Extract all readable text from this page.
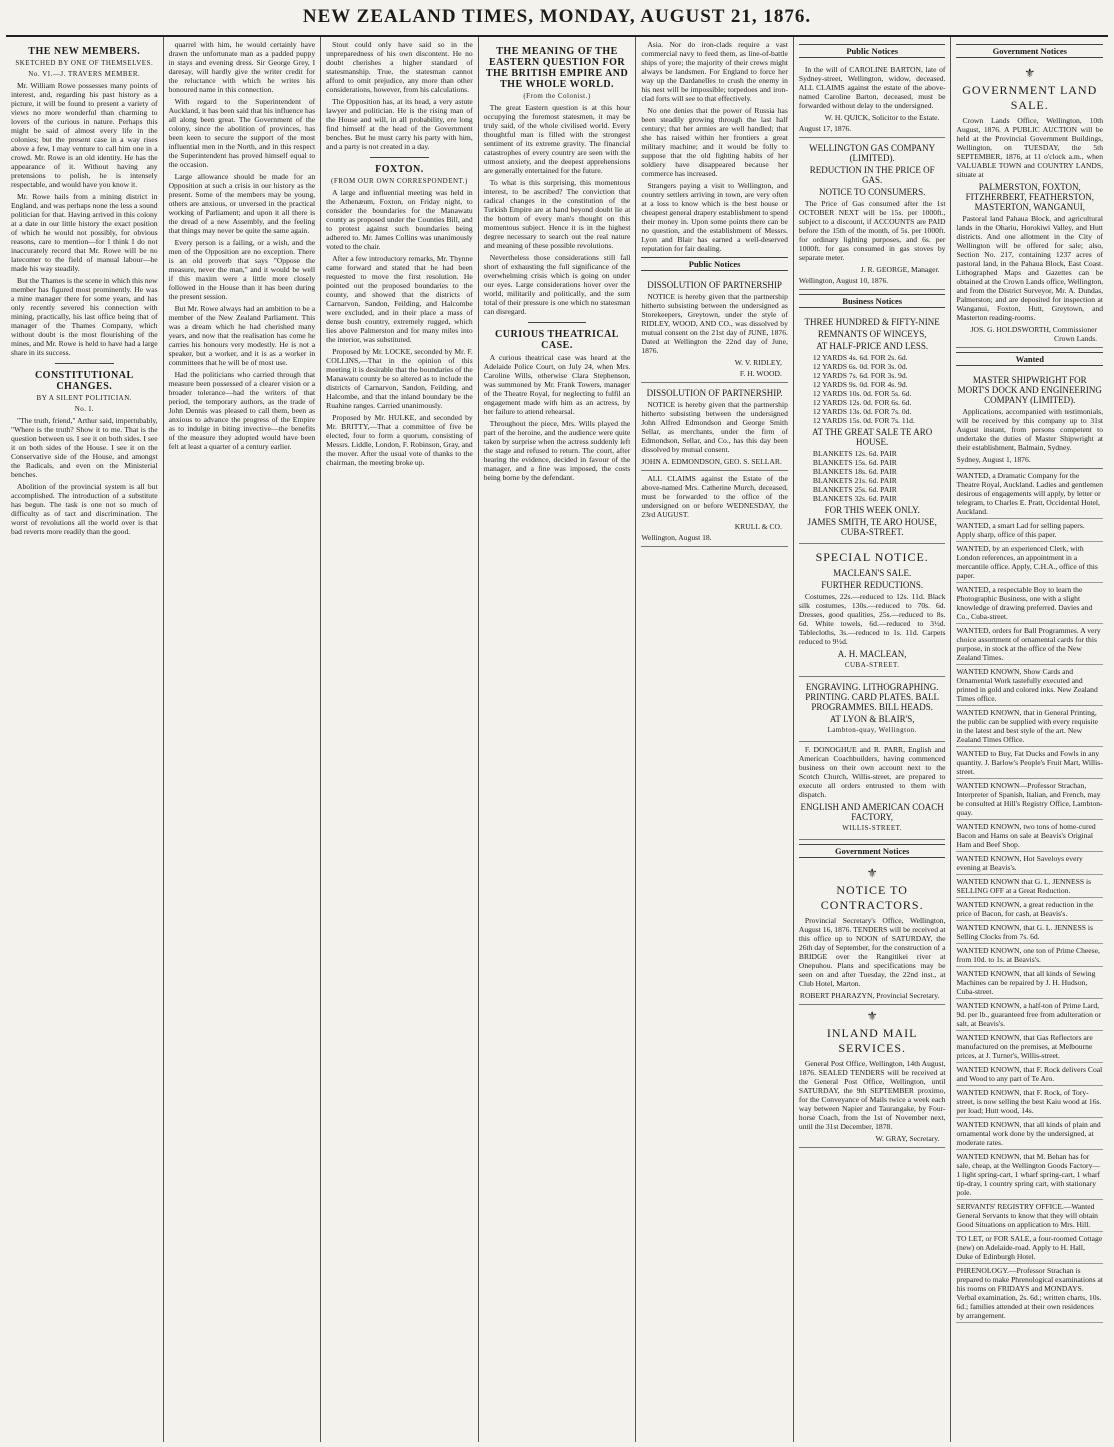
NEW ZEALAND TIMES, MONDAY, AUGUST 21, 1876.
THE NEW MEMBERS.
SKETCHED BY ONE OF THEMSELVES.
No. VI.—J. TRAVERS MEMBER.

Mr. William Rowe possesses many points of interest, and, regarding his past history as a picture, it will be found to present a variety of views no more wonderful than charming to lovers of the curious in nature. Perhaps this might be said of almost every life in the colonies; but the present case in a way rises above a few, I may venture to call him one in a crowd. Mr. Rowe is an old identity. He has the appearance of it. Without having any pretensions to polish, he is intensely respectable, and would have you know it.

Mr. Rowe hails from a mining district in England, and was perhaps none the less a sound politician for that. Having arrived in this colony at a date in our little history the exact position of which he would not possibly, for obvious reasons, care to mention—for I think I do not inaccurately record that Mr. Rowe will be no latecomer to the field of manual labour—he made his way steadily.

But the Thames is the scene in which this new member has figured most prominently. He was a mine manager there for some years, and has only recently severed his connection with mining, practically, his last office being that of manager of the Thames Company, which without doubt is the most flourishing of the mines, and Mr. Rowe is held to have had a large share in its success.

CONSTITUTIONAL CHANGES.
BY A SILENT POLITICIAN.
No. I.

"The truth, friend," Arthur said, impertubably, "Where is the truth? Show it to me. That is the question between us. I see it on both sides. I see it on both sides of the House. I see it on the Conservative side of the House, and amongst the Radicals, and even on the Ministerial benches.

Abolition of the provincial system is all but accomplished. The introduction of a substitute has begun. The task is one not so much of difficulty as of tact and discrimination. The worst of revolutions all the world over is that bad reverts more readily than the good.

quarrel with him, he would certainly have drawn the unfortunate man as a padded puppy in stays and evening dress. Sir George Grey, I daresay, will hardly give the writer credit for the reluctance with which he writes his honoured name in this connection.

With regard to the Superintendent of Auckland, it has been said that his influence has all along been great. The Government of the colony, since the abolition of provinces, has been keen to secure the support of the most influential men in the North, and in this respect the Superintendent has proved himself equal to the occasion.

Large allowance should be made for an Opposition at such a crisis in our history as the present. Some of the members may be young, others are anxious, or unversed in the practical working of Parliament; and upon it all there is the dread of a new Assembly, and the feeling that things may never be quite the same again.

Every person is a failing, or a wish, and the men of the Opposition are no exception. There is an old proverb that says "Oppose the measure, never the man," and it would be well if this maxim were a little more closely followed in the House than it has been during the present session.

But Mr. Rowe always had an ambition to be a member of the New Zealand Parliament. This was a dream which he had cherished many years, and now that the realisation has come he carries his honours very modestly. He is not a speaker, but a worker, and it is as a worker in committees that he will be of most use.

Had the politicians who carried through that measure been possessed of a clearer vision or a broader tolerance—had the writers of that period, the temporary authors, as the trade of John Dennis was pleased to call them, been as anxious to advance the progress of the Empire as to indulge in biting invective—the benefits of the measure they adopted would have been felt at least a quarter of a century earlier.

Stout could only have said so in the unpreparedness of his own discontent. He no doubt cherishes a higher standard of statesmanship. True, the statesman cannot afford to omit prejudice, any more than other considerations, however, from his calculations.

The Opposition has, at its head, a very astute lawyer and politician. He is the rising man of the House and will, in all probability, ere long find himself at the head of the Government benches. But he must carry his party with him, and a party is not created in a day.

FOXTON.
(FROM OUR OWN CORRESPONDENT.)

A large and influential meeting was held in the Athenæum, Foxton, on Friday night, to consider the boundaries for the Manawatu county as proposed under the Counties Bill, and to protest against such boundaries being adhered to. Mr. James Collins was unanimously voted to the chair.

After a few introductory remarks, Mr. Thynne came forward and stated that he had been requested to move the first resolution. He pointed out the proposed boundaries to the county, and showed that the districts of Carnarvon, Sandon, Feilding, and Halcombe were excluded, and in their place a mass of dense bush country, extremely rugged, which lies above Palmerston and for many miles into the interior, was substituted.

Proposed by Mr. LOCKE, seconded by Mr. F. COLLINS,—That in the opinion of this meeting it is desirable that the boundaries of the Manawatu county be so altered as to include the districts of Carnarvon, Sandon, Feilding, and Halcombe, and that the inland boundary be the Ruahine ranges. Carried unanimously.

Proposed by Mr. HULKE, and seconded by Mr. BRITTY,—That a committee of five be elected, four to form a quorum, consisting of Messrs. Liddle, London, F. Robinson, Gray, and the mover. After the usual vote of thanks to the chairman, the meeting broke up.

THE MEANING OF THE EASTERN QUESTION FOR THE BRITISH EMPIRE AND THE WHOLE WORLD.
(From the Colonist.)

The great Eastern question is at this hour occupying the foremost statesmen, it may be truly said, of the whole civilised world. Every thoughtful man is filled with the strongest sentiment of its extreme gravity. The financial catastrophes of every country are seen with the utmost anxiety, and the deepest apprehensions are generally entertained for the future.

To what is this surprising, this momentous interest, to be ascribed? The conviction that radical changes in the constitution of the Turkish Empire are at hand beyond doubt lie at the bottom of every man's thought on this momentous subject. Hence it is in the highest degree necessary to search out the real nature and meaning of these possible revolutions.

Nevertheless those considerations still fall short of exhausting the full significance of the overwhelming crisis which is going on under our eyes. Large considerations hover over the world, militarily and politically, and the sum total of their pressure is one which no statesman can disregard.

CURIOUS THEATRICAL CASE.

A curious theatrical case was heard at the Adelaide Police Court, on July 24, when Mrs. Caroline Wills, otherwise Clara Stephenson, was summoned by Mr. Frank Towers, manager of the Theatre Royal, for neglecting to fulfil an engagement made with him as an actress, by her failure to attend rehearsal.

Throughout the piece, Mrs. Wills played the part of the heroine, and the audience were quite taken by surprise when the actress suddenly left the stage and refused to return. The court, after hearing the evidence, decided in favour of the manager, and a fine was imposed, the costs being borne by the defendant.

Asia. Nor do iron-clads require a vast commercial navy to feed them, as line-of-battle ships of yore; the majority of their crews might always be landsmen. For England to force her way up the Dardanelles to crush the enemy in his nest will be impossible; torpedoes and iron-clad forts will see to that effectively.

No one denies that the power of Russia has been steadily growing through the last half century; that her armies are well handled; that she has raised within her frontiers a great military machine; and it would be folly to suppose that the old fighting habits of her soldiery have disappeared because her commerce has increased.

Strangers paying a visit to Wellington, and country settlers arriving in town, are very often at a loss to know which is the best house or cheapest general drapery establishment to spend their money in. Upon some points there can be no question, and the establishment of Messrs. Lyon and Blair has earned a well-deserved reputation for fair dealing.

Public Notices
DISSOLUTION OF PARTNERSHIP

NOTICE is hereby given that the partnership hitherto subsisting between the undersigned as Storekeepers, Greytown, under the style of RIDLEY, WOOD, AND CO., was dissolved by mutual consent on the 21st day of JUNE, 1876. Dated at Wellington the 22nd day of June, 1876.

W. V. RIDLEY,
F. H. WOOD.
DISSOLUTION OF PARTNERSHIP.

NOTICE is hereby given that the partnership hitherto subsisting between the undersigned John Alfred Edmondson and George Smith Sellar, as merchants, under the firm of Edmondson, Sellar, and Co., has this day been dissolved by mutual consent.

JOHN A. EDMONDSON, GEO. S. SELLAR.

ALL CLAIMS against the Estate of the above-named Mrs. Catherine Murch, deceased, must be forwarded to the office of the undersigned on or before WEDNESDAY, the 23rd AUGUST.

KRULL & CO.
Wellington, August 18.
Public Notices

In the will of CAROLINE BARTON, late of Sydney-street, Wellington, widow, deceased. ALL CLAIMS against the estate of the above-named Caroline Barton, deceased, must be forwarded without delay to the undersigned.

W. H. QUICK, Solicitor to the Estate.
August 17, 1876.
WELLINGTON GAS COMPANY (LIMITED).
REDUCTION IN THE PRICE OF GAS.
NOTICE TO CONSUMERS.

The Price of Gas consumed after the 1st OCTOBER NEXT will be 15s. per 1000ft., subject to a discount, if ACCOUNTS are PAID before the 15th of the month, of 5s. per 1000ft. for ordinary lighting purposes, and 6s. per 1000ft. for gas consumed in gas stoves by separate meter.

J. R. GEORGE, Manager.
Wellington, August 10, 1876.
Business Notices
THREE HUNDRED & FIFTY-NINE
REMNANTS OF WINCEYS,
AT HALF-PRICE AND LESS.
12 YARDS 4s. 6d. FOR 2s. 6d.
12 YARDS 6s. 0d. FOR 3s. 0d.
12 YARDS 7s. 6d. FOR 3s. 9d.
12 YARDS 9s. 0d. FOR 4s. 9d.
12 YARDS 10s. 0d. FOR 5s. 6d.
12 YARDS 12s. 0d. FOR 6s. 6d.
12 YARDS 13s. 0d. FOR 7s. 0d.
12 YARDS 15s. 0d. FOR 7s. 11d.
AT THE GREAT SALE TE ARO HOUSE.
BLANKETS 12s. 6d. PAIR
BLANKETS 15s. 6d. PAIR
BLANKETS 18s. 6d. PAIR
BLANKETS 21s. 6d. PAIR
BLANKETS 25s. 6d. PAIR
BLANKETS 32s. 6d. PAIR
FOR THIS WEEK ONLY.
JAMES SMITH, TE ARO HOUSE, CUBA-STREET.
SPECIAL NOTICE.
MACLEAN'S SALE.
FURTHER REDUCTIONS.

Costumes, 22s.—reduced to 12s. 11d. Black silk costumes, 130s.—reduced to 70s. 6d. Dresses, good qualities, 25s.—reduced to 8s. 6d. White towels, 6d.—reduced to 3½d. Tablecloths, 3s.—reduced to 1s. 11d. Carpets reduced to 9½d.

A. H. MACLEAN,
CUBA-STREET.
ENGRAVING. LITHOGRAPHING. PRINTING. CARD PLATES. BALL PROGRAMMES. BILL HEADS.
AT LYON & BLAIR'S,
Lambton-quay, Wellington.

F. DONOGHUE and R. PARR, English and American Coachbuilders, having commenced business on their own account next to the Scotch Church, Willis-street, are prepared to execute all orders entrusted to them with dispatch.

ENGLISH AND AMERICAN COACH FACTORY,
WILLIS-STREET.
Government Notices
⚜
NOTICE TO CONTRACTORS.

Provincial Secretary's Office, Wellington, August 16, 1876. TENDERS will be received at this office up to NOON of SATURDAY, the 26th day of September, for the construction of a BRIDGE over the Rangitikei river at Onepuhou. Plans and specifications may be seen on and after Tuesday, the 22nd inst., at Club Hotel, Marton.

ROBERT PHARAZYN, Provincial Secretary.
⚜
INLAND MAIL SERVICES.

General Post Office, Wellington, 14th August, 1876. SEALED TENDERS will be received at the General Post Office, Wellington, until SATURDAY, the 9th SEPTEMBER proximo, for the Conveyance of Mails twice a week each way between Napier and Taurangake, by Four-horse Coach, from the 1st of November next, until the 31st December, 1878.

W. GRAY, Secretary.
Government Notices
⚜
GOVERNMENT LAND SALE.

Crown Lands Office, Wellington, 10th August, 1876. A PUBLIC AUCTION will be held at the Provincial Government Buildings, Wellington, on TUESDAY, the 5th SEPTEMBER, 1876, at 11 o'clock a.m., when VALUABLE TOWN and COUNTRY LANDS, situate at

PALMERSTON, FOXTON, FITZHERBERT, FEATHERSTON, MASTERTON, WANGANUI,

Pastoral land Pahaua Block, and agricultural lands in the Ohariu, Horokiwi Valley, and Hutt districts. And one allotment in the City of Wellington will be offered for sale; also, Section No. 217, containing 1237 acres of pastoral land, in the Pahaua Block, East Coast. Lithographed Maps and Gazettes can be obtained at the Crown Lands office, Wellington, and from the District Surveyor, Mr. A. Dundas, Palmerston; and are deposited for inspection at Wanganui, Foxton, Hutt, Greytown, and Masterton reading-rooms.

JOS. G. HOLDSWORTH, Commissioner Crown Lands.
Wanted
MASTER SHIPWRIGHT FOR MORT'S DOCK AND ENGINEERING COMPANY (LIMITED).

Applications, accompanied with testimonials, will be received by this company up to 31st August instant, from persons competent to undertake the duties of Master Shipwright at their establishment, Balmain, Sydney.

Sydney, August 1, 1876.
WANTED, a Dramatic Company for the Theatre Royal, Auckland. Ladies and gentlemen desirous of engagements will apply, by letter or telegram, to Charles E. Pratt, Occidental Hotel, Auckland.
WANTED, a smart Lad for selling papers. Apply sharp, office of this paper.
WANTED, by an experienced Clerk, with London references, an appointment in a mercantile office. Apply, C.H.A., office of this paper.
WANTED, a respectable Boy to learn the Photographic Business, one with a slight knowledge of drawing preferred. Davies and Co., Cuba-street.
WANTED, orders for Ball Programmes. A very choice assortment of ornamental cards for this purpose, in stock at the office of the New Zealand Times.
WANTED KNOWN, Show Cards and Ornamental Work tastefully executed and printed in gold and colored inks. New Zealand Times office.
WANTED KNOWN, that in General Printing, the public can be supplied with every requisite in the latest and best style of the art. New Zealand Times Office.
WANTED to Buy, Fat Ducks and Fowls in any quantity. J. Barlow's People's Fruit Mart, Willis-street.
WANTED KNOWN—Professor Strachan, Interpreter of Spanish, Italian, and French, may be consulted at Hill's Registry Office, Lambton-quay.
WANTED KNOWN, two tons of home-cured Bacon and Hams on sale at Beavis's Original Ham and Beef Shop.
WANTED KNOWN, Hot Saveloys every evening at Beavis's.
WANTED KNOWN that G. L. JENNESS is SELLING OFF at a Great Reduction.
WANTED KNOWN, a great reduction in the price of Bacon, for cash, at Beavis's.
WANTED KNOWN, that G. L. JENNESS is Selling Clocks from 7s. 6d.
WANTED KNOWN, one ton of Prime Cheese, from 10d. to 1s. at Beavis's.
WANTED KNOWN, that all kinds of Sewing Machines can be repaired by J. H. Hudson, Cuba-street.
WANTED KNOWN, a half-ton of Prime Lard, 9d. per lb., guaranteed free from adulteration or salt, at Beavis's.
WANTED KNOWN, that Gas Reflectors are manufactured on the premises, at Melbourne prices, at J. Turner's, Willis-street.
WANTED KNOWN, that F. Rock delivers Coal and Wood to any part of Te Aro.
WANTED KNOWN, that F. Rock, of Tory-street, is now selling the best Kaiu wood at 16s. per load; Hutt wood, 14s.
WANTED KNOWN, that all kinds of plain and ornamental work done by the undersigned, at moderate rates.
WANTED KNOWN, that M. Behan has for sale, cheap, at the Wellington Goods Factory—1 light spring-cart, 1 wharf spring-cart, 1 wharf tip-dray, 1 country spring cart, with stationary pole.
SERVANTS' REGISTRY OFFICE.—Wanted General Servants to know that they will obtain Good Situations on application to Mrs. Hill.
TO LET, or FOR SALE, a four-roomed Cottage (new) on Adelaide-road. Apply to H. Hall, Duke of Edinburgh Hotel.
PHRENOLOGY.—Professor Strachan is prepared to make Phrenological examinations at his rooms on FRIDAYS and MONDAYS. Verbal examination, 2s. 6d.; written charts, 10s. 6d.; families attended at their own residences by arrangement.
